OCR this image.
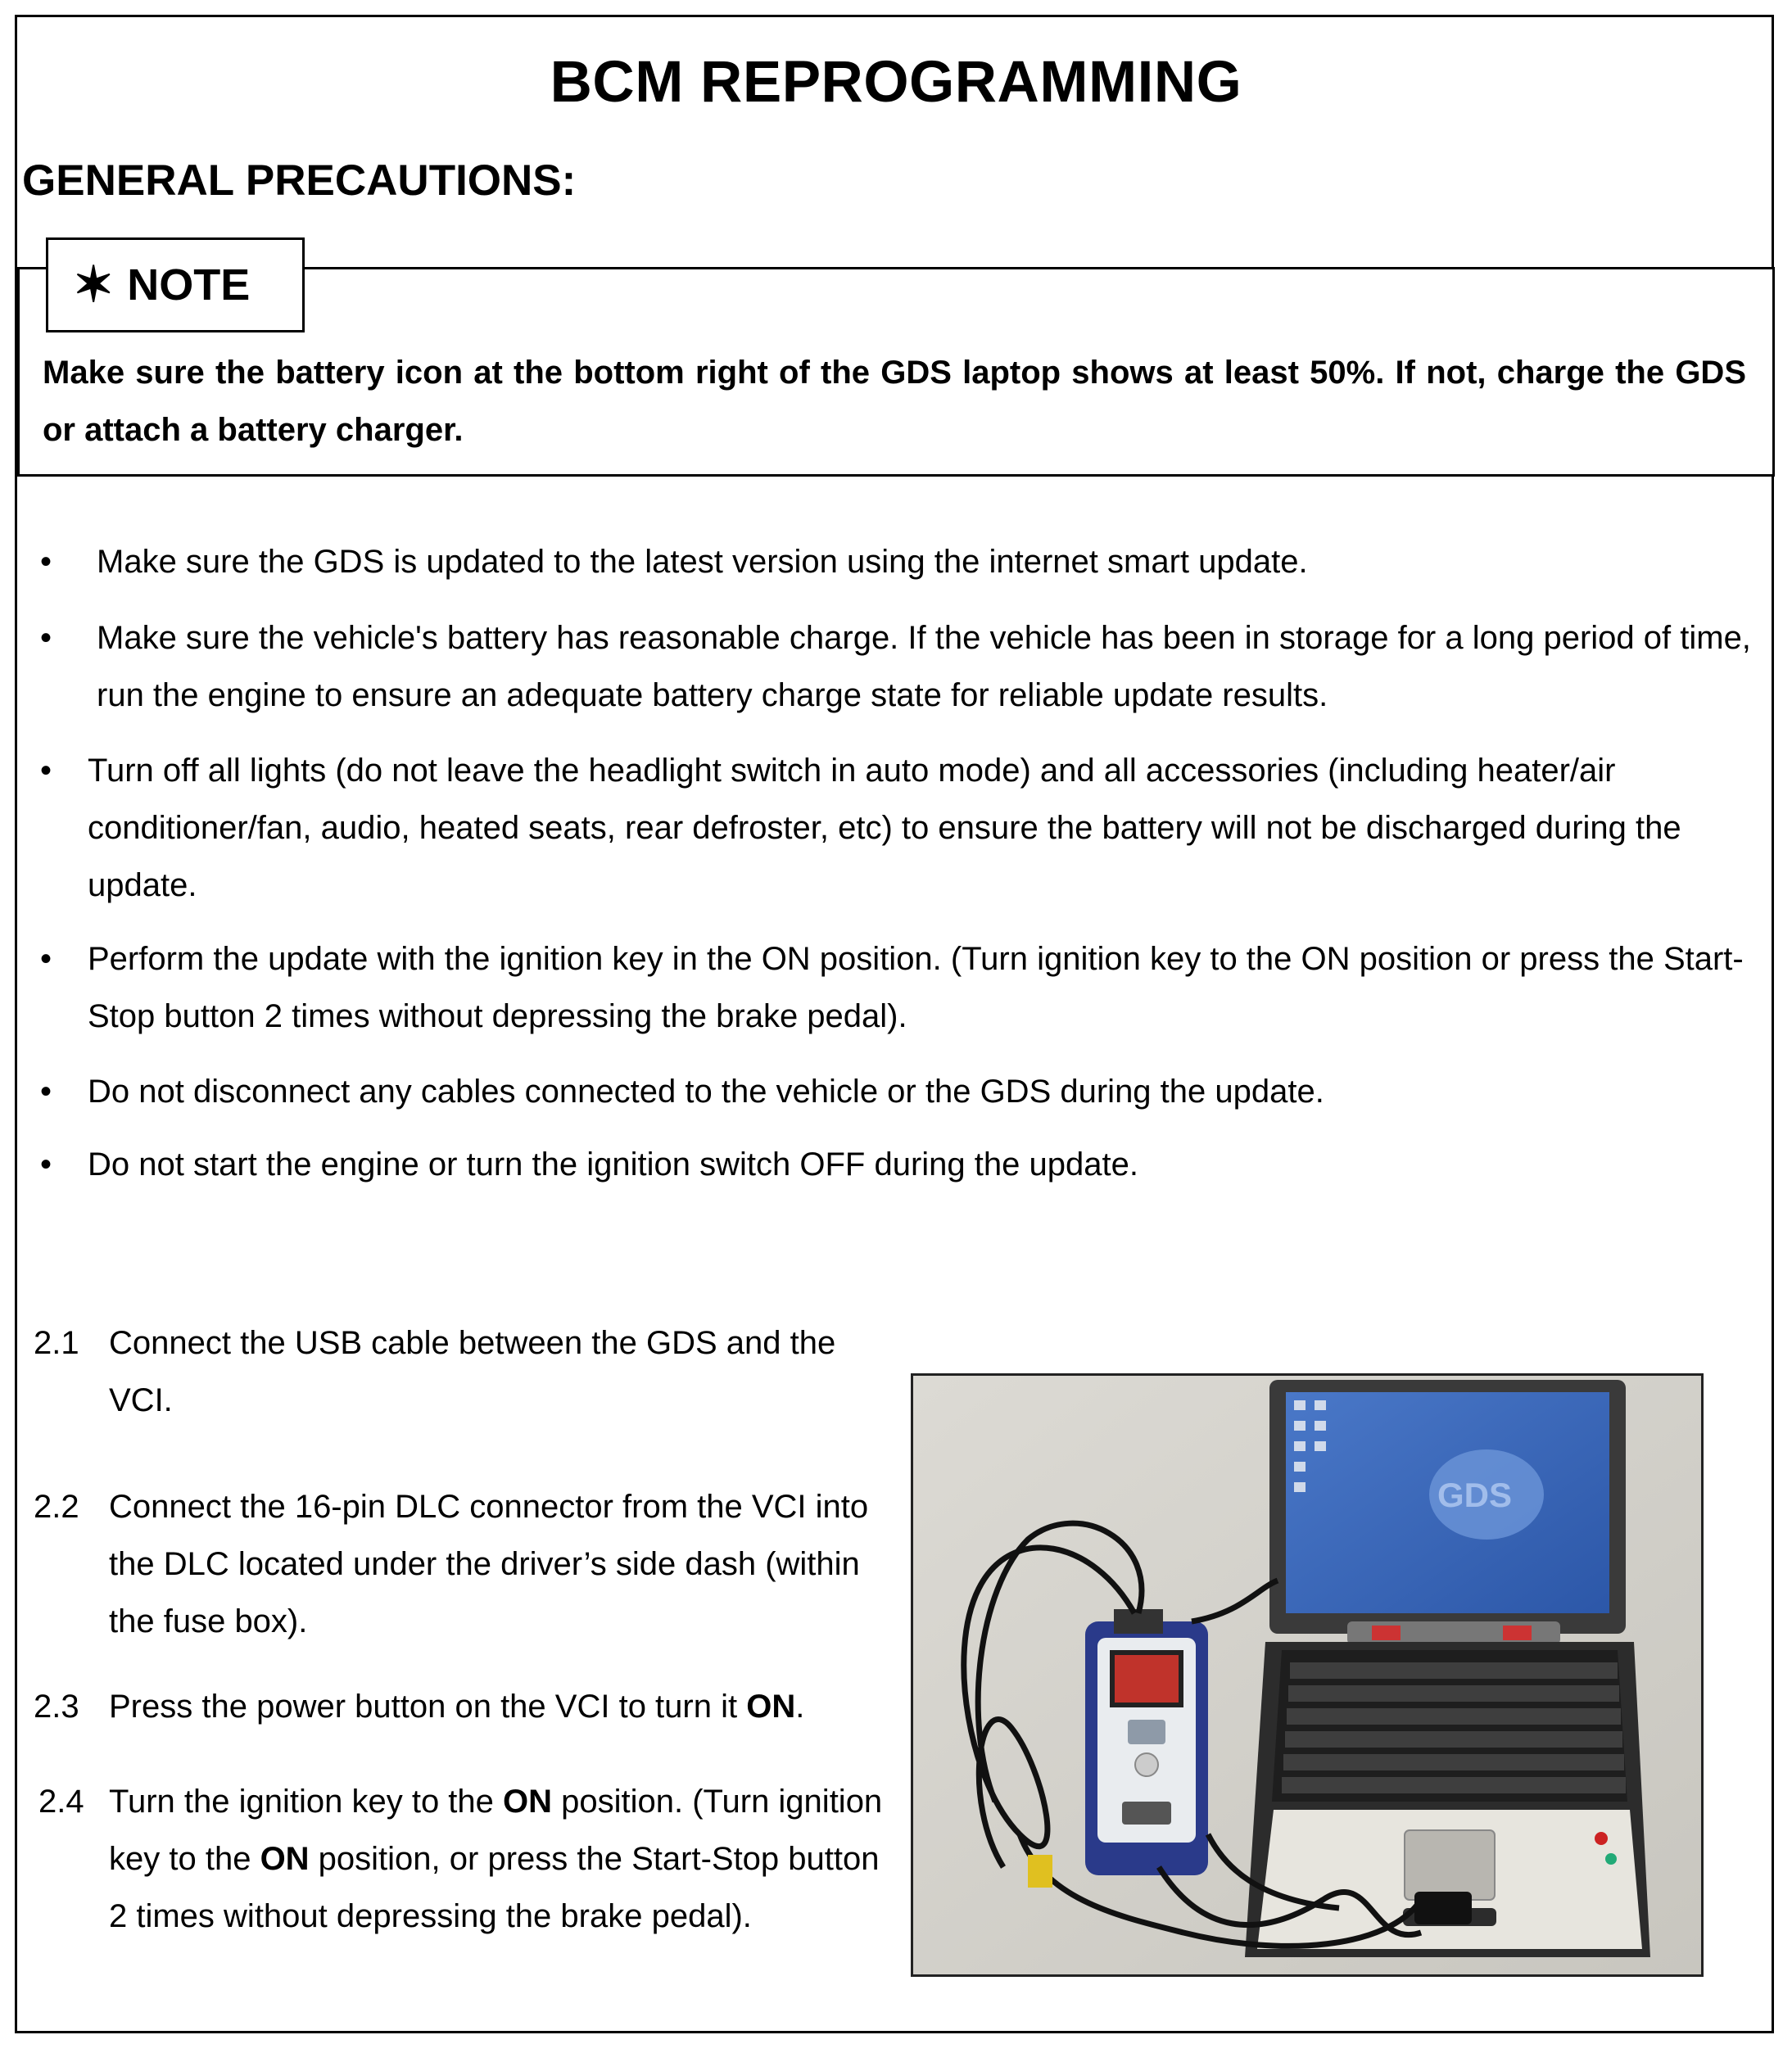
BCM REPROGRAMMING
GENERAL PRECAUTIONS:
✶ NOTE
Make sure the battery icon at the bottom right of the GDS laptop shows at least 50%. If not, charge the GDS or attach a battery charger.
• Make sure the GDS is updated to the latest version using the internet smart update.
• Make sure the vehicle's battery has reasonable charge. If the vehicle has been in storage for a long period of time, run the engine to ensure an adequate battery charge state for reliable update results.
• Turn off all lights (do not leave the headlight switch in auto mode) and all accessories (including heater/air conditioner/fan, audio, heated seats, rear defroster, etc) to ensure the battery will not be discharged during the update.
• Perform the update with the ignition key in the ON position. (Turn ignition key to the ON position or press the Start-Stop button 2 times without depressing the brake pedal).
• Do not disconnect any cables connected to the vehicle or the GDS during the update.
• Do not start the engine or turn the ignition switch OFF during the update.
2.1 Connect the USB cable between the GDS and the VCI.
2.2 Connect the 16-pin DLC connector from the VCI into the DLC located under the driver’s side dash (within the fuse box).
2.3 Press the power button on the VCI to turn it ON.
2.4 Turn the ignition key to the ON position. (Turn ignition key to the ON position, or press the Start-Stop button 2 times without depressing the brake pedal).
GDS
